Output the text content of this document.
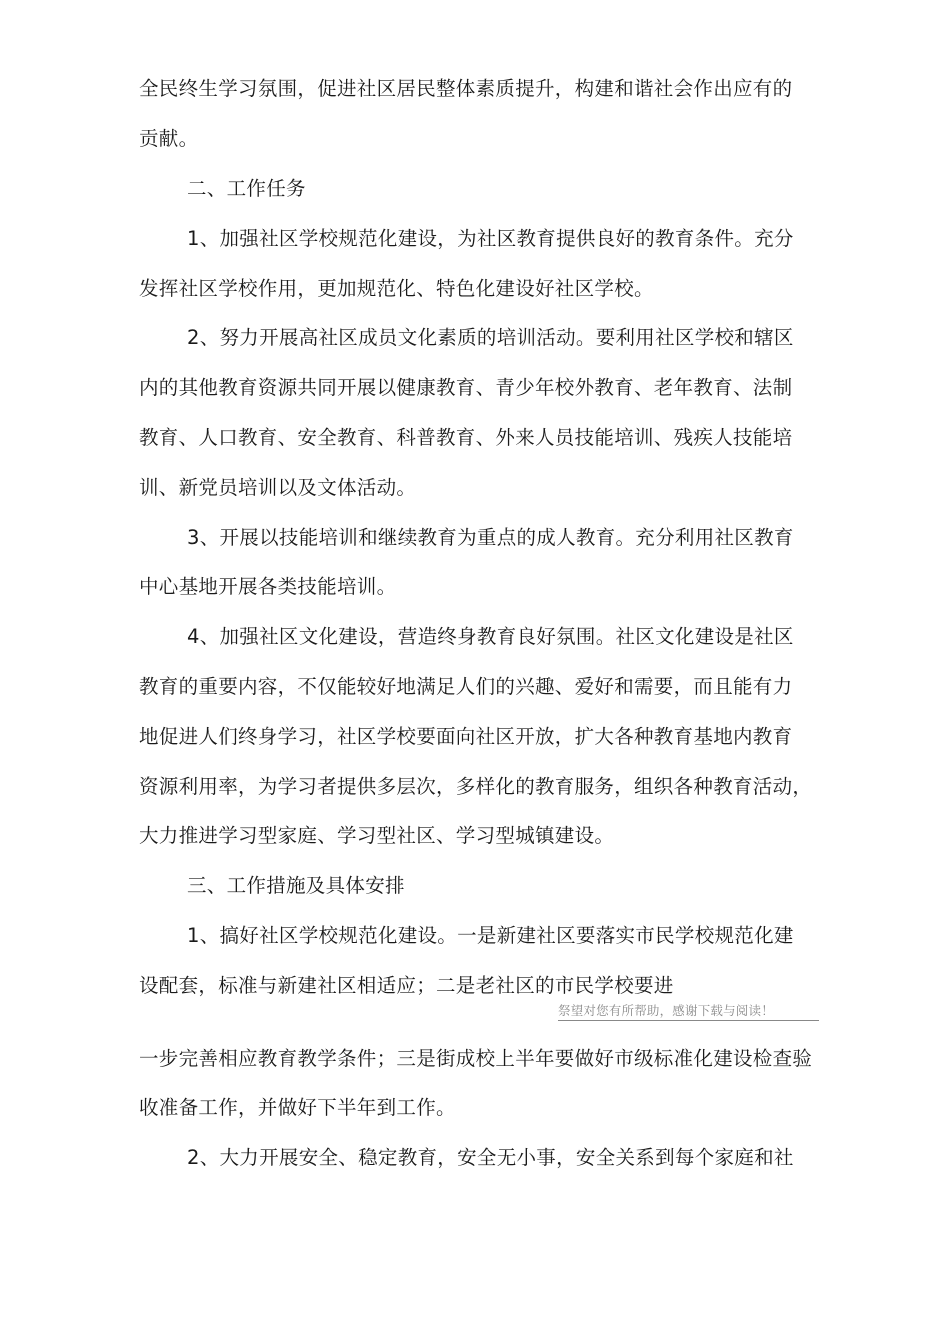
全民终生学习氛围，促进社区居民整体素质提升，构建和谐社会作出应有的
贡献。
二、工作任务
1、加强社区学校规范化建设，为社区教育提供良好的教育条件。充分
发挥社区学校作用，更加规范化、特色化建设好社区学校。
2、努力开展高社区成员文化素质的培训活动。要利用社区学校和辖区
内的其他教育资源共同开展以健康教育、青少年校外教育、老年教育、法制
教育、人口教育、安全教育、科普教育、外来人员技能培训、残疾人技能培
训、新党员培训以及文体活动。
3、开展以技能培训和继续教育为重点的成人教育。充分利用社区教育
中心基地开展各类技能培训。
4、加强社区文化建设，营造终身教育良好氛围。社区文化建设是社区
教育的重要内容，不仅能较好地满足人们的兴趣、爱好和需要，而且能有力
地促进人们终身学习，社区学校要面向社区开放，扩大各种教育基地内教育
资源利用率，为学习者提供多层次，多样化的教育服务，组织各种教育活动，
大力推进学习型家庭、学习型社区、学习型城镇建设。
三、工作措施及具体安排
1、搞好社区学校规范化建设。一是新建社区要落实市民学校规范化建
设配套，标准与新建社区相适应；二是老社区的市民学校要进
祭望对您有所帮助，感谢下载与阅读！
一步完善相应教育教学条件；三是街成校上半年要做好市级标准化建设检查验
收准备工作，并做好下半年到工作。
2、大力开展安全、稳定教育，安全无小事，安全关系到每个家庭和社
